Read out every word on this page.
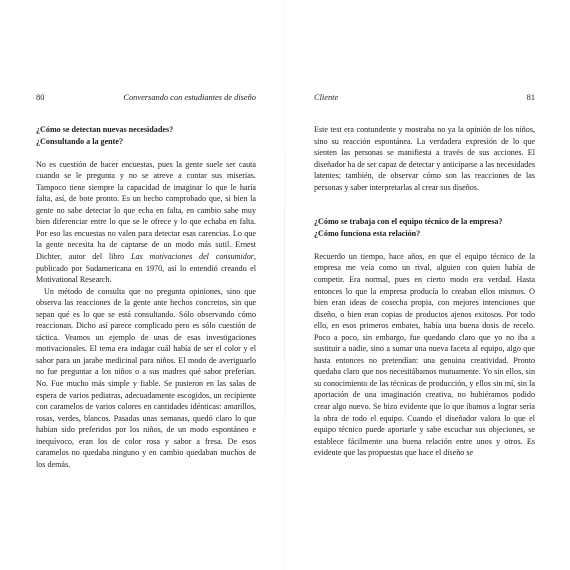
80	Conversando con estudiantes de diseño
¿Cómo se detectan nuevas necesidades?
¿Consultando a la gente?

No es cuestión de hacer encuestas, pues la gente suele ser cauta cuando se le pregunta y no se atreve a contar sus miserias. Tampoco tiene siempre la capacidad de imaginar lo que le haría falta, así, de bote pronto. Es un hecho comprobado que, si bien la gente no sabe detectar lo que echa en falta, en cambio sabe muy bien diferenciar entre lo que se le ofrece y lo que echaba en falta. Por eso las encuestas no valen para detectar esas carencias. Lo que la gente necesita ha de captarse de un modo más sutil. Ernest Dichter, autor del libro Las motivaciones del consumidor, publicado por Sudamericana en 1970, así lo entendió creando el Motivational Research.

Un método de consulta que no pregunta opiniones, sino que observa las reacciones de la gente ante hechos concretos, sin que sepan qué es lo que se está consultando. Sólo observando cómo reaccionan. Dicho así parece complicado pero es sólo cuestión de táctica. Veamos un ejemplo de unas de esas investigaciones motivacionales. El tema era indagar cuál había de ser el color y el sabor para un jarabe medicinal para niños. El modo de averiguarlo no fue preguntar a los niños o a sus madres qué sabor preferían. No. Fue mucho más simple y fiable. Se pusieron en las salas de espera de varios pediatras, adecuadamente escogidos, un recipiente con caramelos de varios colores en cantidades idénticas: amarillos, rosas, verdes, blancos. Pasadas unas semanas, quedó claro lo que habían sido preferidos por los niños, de un modo espontáneo e inequívoco, eran los de color rosa y sabor a fresa. De esos caramelos no quedaba ninguno y en cambio quedaban muchos de los demás.

Cliente	81

Este test era contundente y mostraba no ya la opinión de los niños, sino su reacción espontánea. La verdadera expresión de lo que sienten las personas se manifiesta a través de sus acciones. El diseñador ha de ser capaz de detectar y anticiparse a las necesidades latentes; también, de observar cómo son las reacciones de las personas y saber interpretarlas al crear sus diseños.

¿Cómo se trabaja con el equipo técnico de la empresa?
¿Cómo funciona esta relación?

Recuerdo un tiempo, hace años, en que el equipo técnico de la empresa me veía como un rival, alguien con quien había de competir. Era normal, pues en cierto modo era verdad. Hasta entonces lo que la empresa producía lo creaban ellos mismos. O bien eran ideas de cosecha propia, con mejores intenciones que diseño, o bien eran copias de productos ajenos exitosos. Por todo ello, en esos primeros embates, había una buena dosis de recelo. Poco a poco, sin embargo, fue quedando claro que yo no iba a sustituir a nadie, sino a sumar una nueva faceta al equipo, algo que hasta entonces no pretendían: una genuina creatividad. Pronto quedaba claro que nos necesitábamos mutuamente. Yo sin ellos, sin su conocimiento de las técnicas de producción, y ellos sin mí, sin la aportación de una imaginación creativa, no hubiéramos podido crear algo nuevo. Se hizo evidente que lo que íbamos a lograr sería la obra de todo el equipo. Cuando el diseñador valora lo que el equipo técnico puede aportarle y sabe escuchar sus objeciones, se establece fácilmente una buena relación entre unos y otros. Es evidente que las propuestas que hace el diseño se
